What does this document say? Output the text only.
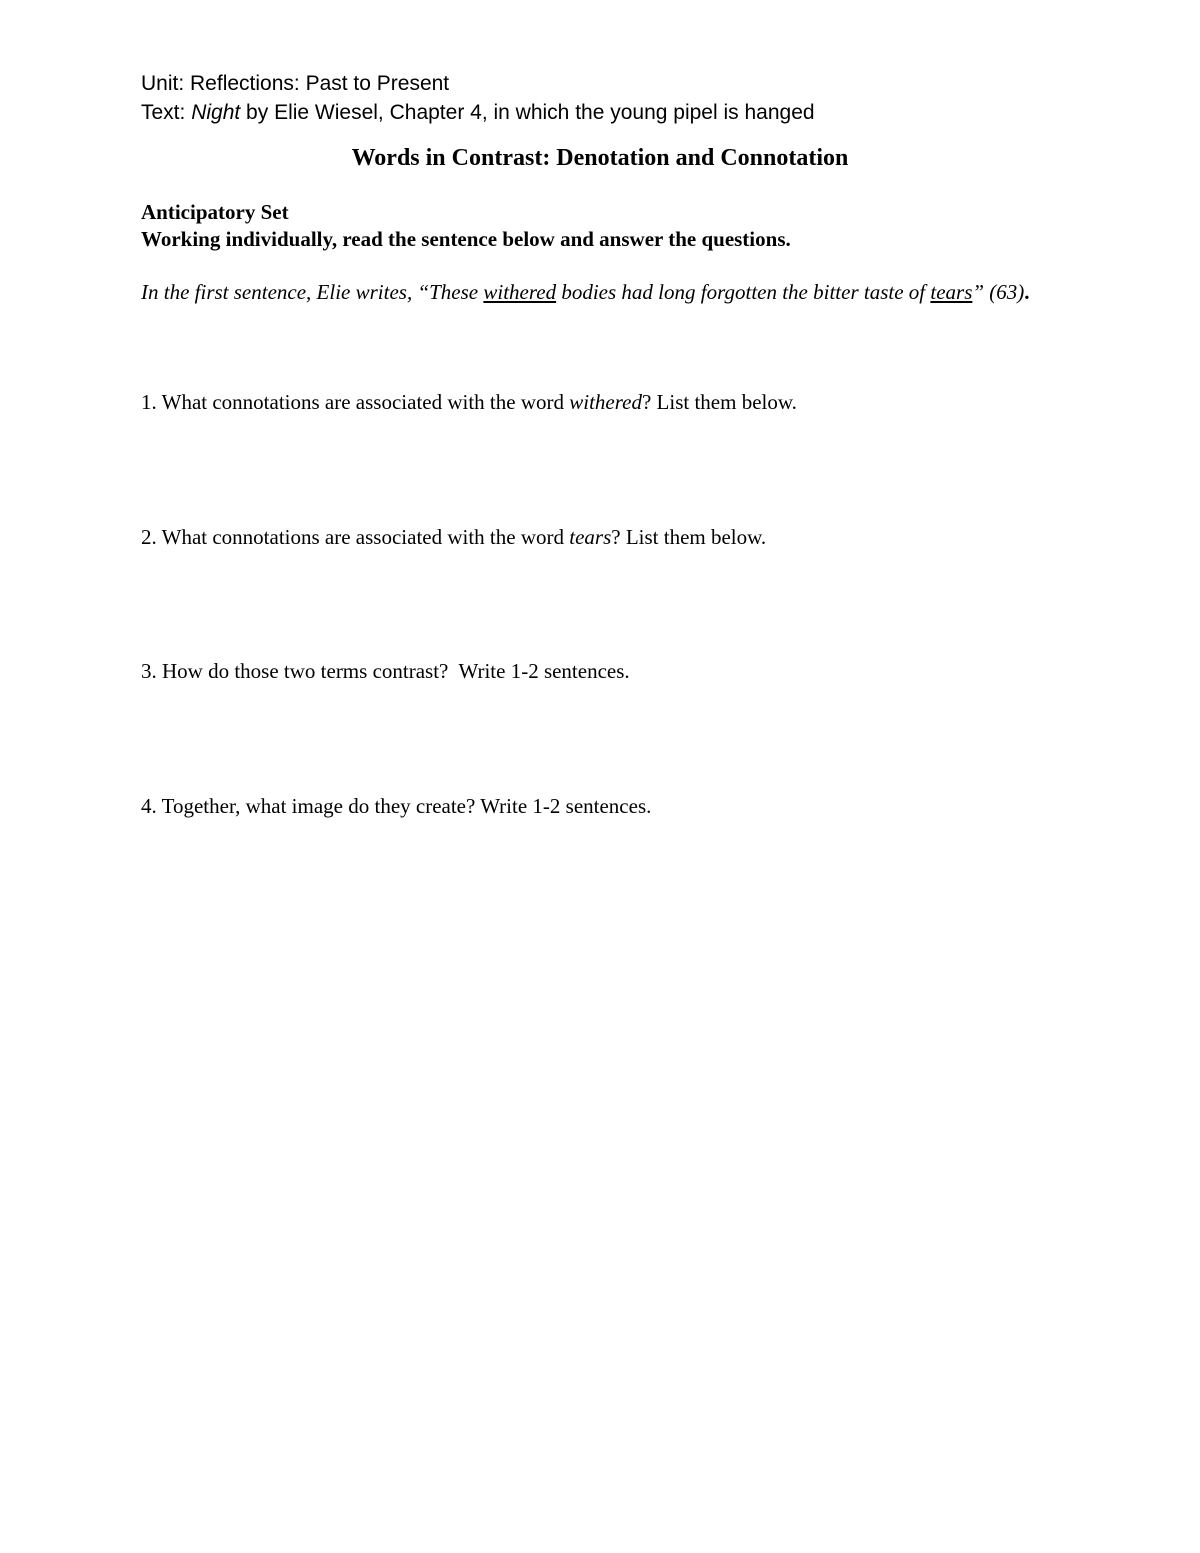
Unit: Reflections: Past to Present
Text: Night by Elie Wiesel, Chapter 4, in which the young pipel is hanged
Words in Contrast: Denotation and Connotation
Anticipatory Set
Working individually, read the sentence below and answer the questions.
In the first sentence, Elie writes, “These withered bodies had long forgotten the bitter taste of tears” (63).
1. What connotations are associated with the word withered? List them below.
2. What connotations are associated with the word tears? List them below.
3. How do those two terms contrast?  Write 1-2 sentences.
4. Together, what image do they create? Write 1-2 sentences.
